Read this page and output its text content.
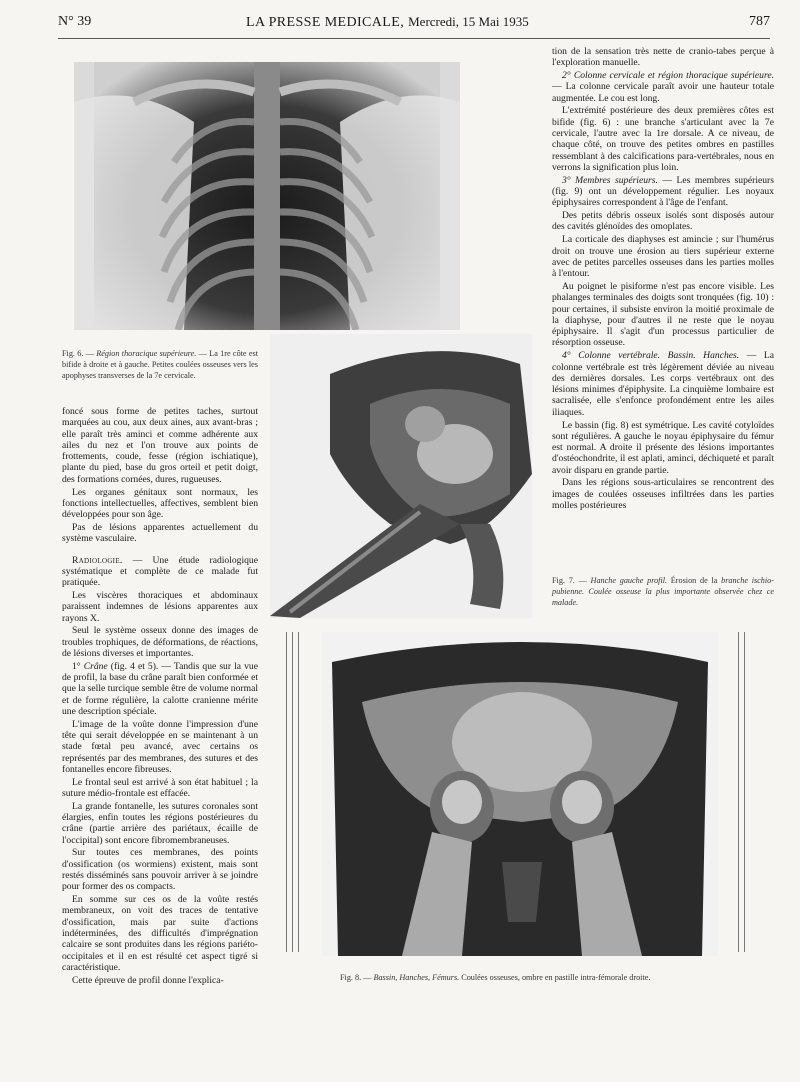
N° 39	LA PRESSE MEDICALE, Mercredi, 15 Mai 1935	787
Fig. 6. — Région thoracique supérieure. — La 1re côte est bifide à droite et à gauche. Petites coulées osseuses vers les apophyses transverses de la 7e cervicale.
Fig. 7. — Hanche gauche profil. Érosion de la branche ischio-pubienne. Coulée osseuse la plus importante observée chez ce malade.
Fig. 8. — Bassin, Hanches, Fémurs. Coulées osseuses, ombre en pastille intra-fémorale droite.

foncé sous forme de petites taches, surtout marquées au cou, aux deux aines, aux avant-bras ; elle paraît très aminci et comme adhérente aux ailes du nez et l'on trouve aux points de frottements, coude, fesse (région ischiatique), plante du pied, base du gros orteil et petit doigt, des formations cornées, dures, rugueuses.

Les organes génitaux sont normaux, les fonctions intellectuelles, affectives, semblent bien développées pour son âge.

Pas de lésions apparentes actuellement du système vasculaire.

Radiologie. — Une étude radiologique systématique et complète de ce malade fut pratiquée.

Les viscères thoraciques et abdominaux paraissent indemnes de lésions apparentes aux rayons X.

Seul le système osseux donne des images de troubles trophiques, de déformations, de réactions, de lésions diverses et importantes.

1° Crâne (fig. 4 et 5). — Tandis que sur la vue de profil, la base du crâne paraît bien conformée et que la selle turcique semble être de volume normal et de forme régulière, la calotte cranienne mérite une description spéciale.

L'image de la voûte donne l'impression d'une tête qui serait développée en se maintenant à un stade fœtal peu avancé, avec certains os représentés par des membranes, des sutures et des fontanelles encore fibreuses.

Le frontal seul est arrivé à son état habituel ; la suture médio-frontale est effacée.

La grande fontanelle, les sutures coronales sont élargies, enfin toutes les régions postérieures du crâne (partie arrière des pariétaux, écaille de l'occipital) sont encore fibromembraneuses.

Sur toutes ces membranes, des points d'ossification (os wormiens) existent, mais sont restés disséminés sans pouvoir arriver à se joindre pour former des os compacts.

En somme sur ces os de la voûte restés membraneux, on voit des traces de tentative d'ossification, mais par suite d'actions indéterminées, des difficultés d'imprégnation calcaire se sont produites dans les régions pariéto-occipitales et il en est résulté cet aspect tigré si caractéristique.

Cette épreuve de profil donne l'explica-

tion de la sensation très nette de cranio-tabes perçue à l'exploration manuelle.

2° Colonne cervicale et région thoracique supérieure. — La colonne cervicale paraît avoir une hauteur totale augmentée. Le cou est long.

L'extrémité postérieure des deux premières côtes est bifide (fig. 6) : une branche s'articulant avec la 7e cervicale, l'autre avec la 1re dorsale. A ce niveau, de chaque côté, on trouve des petites ombres en pastilles ressemblant à des calcifications para-vertébrales, nous en verrons la signification plus loin.

3° Membres supérieurs. — Les membres supérieurs (fig. 9) ont un développement régulier. Les noyaux épiphysaires correspondent à l'âge de l'enfant.

Des petits débris osseux isolés sont disposés autour des cavités glénoïdes des omoplates.

La corticale des diaphyses est amincie ; sur l'humérus droit on trouve une érosion au tiers supérieur externe avec de petites parcelles osseuses dans les parties molles à l'entour.

Au poignet le pisiforme n'est pas encore visible. Les phalanges terminales des doigts sont tronquées (fig. 10) : pour certaines, il subsiste environ la moitié proximale de la diaphyse, pour d'autres il ne reste que le noyau épiphysaire. Il s'agit d'un processus particulier de résorption osseuse.

4° Colonne vertébrale. Bassin. Hanches. — La colonne vertébrale est très légèrement déviée au niveau des dernières dorsales. Les corps vertébraux ont des lésions minimes d'épiphysite. La cinquième lombaire est sacralisée, elle s'enfonce profondément entre les ailes iliaques.

Le bassin (fig. 8) est symétrique. Les cavité cotyloïdes sont régulières. A gauche le noyau épiphysaire du fémur est normal. A droite il présente des lésions importantes d'ostéochondrite, il est aplati, aminci, déchiqueté et paraît avoir disparu en grande partie.

Dans les régions sous-articulaires se rencontrent des images de coulées osseuses infiltrées dans les parties molles postérieures
